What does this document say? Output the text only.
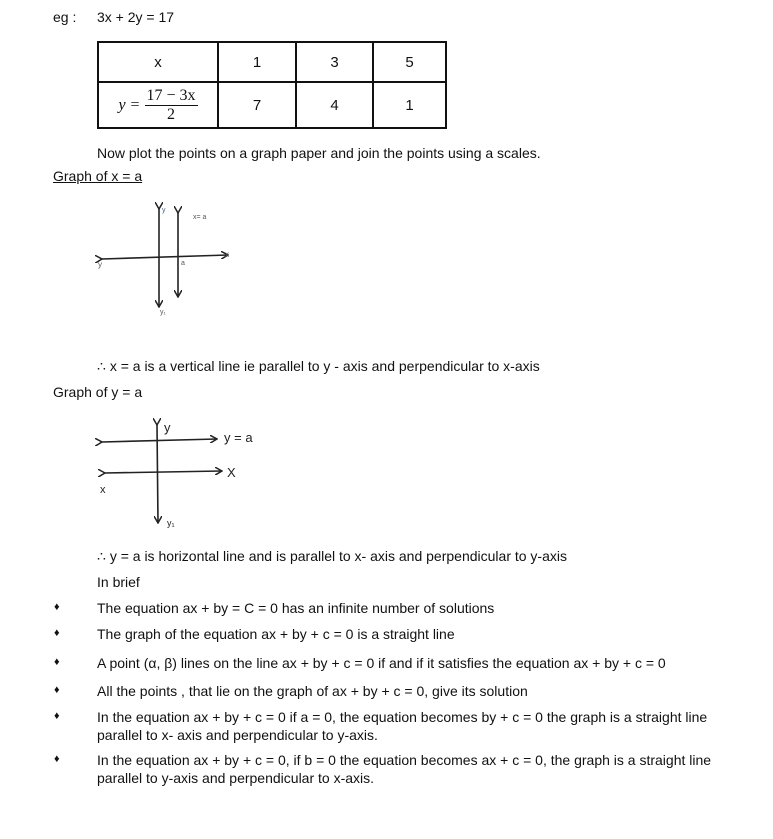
eg : 3x + 2y = 17
x	1	3	5
$y = \frac{17 - 3x}{2}$	7	4	1
Now plot the points on a graph paper and join the points using a scales.
Graph of x = a
y
x= a
x
y	a
y₁
∴ x = a is a vertical line ie parallel to y - axis and perpendicular to x-axis
Graph of y = a
y
y = a
X
x
y₁
∴ y = a is horizontal line and is parallel to x- axis and perpendicular to y-axis
In brief
♦	The equation ax + by = C = 0 has an infinite number of solutions
♦	The graph of the equation ax + by + c = 0 is a straight line
♦	A point (α, β) lines on the line ax + by + c = 0 if and if it satisfies the equation ax + by + c = 0
♦	All the points , that lie on the graph of ax + by + c = 0, give its solution
♦	In the equation ax + by + c = 0 if a = 0, the equation becomes by + c = 0 the graph is a straight line parallel to x- axis and perpendicular to y-axis.
♦	In the equation ax + by + c = 0, if b = 0 the equation becomes ax + c = 0, the graph is a straight line parallel to y-axis and perpendicular to x-axis.
